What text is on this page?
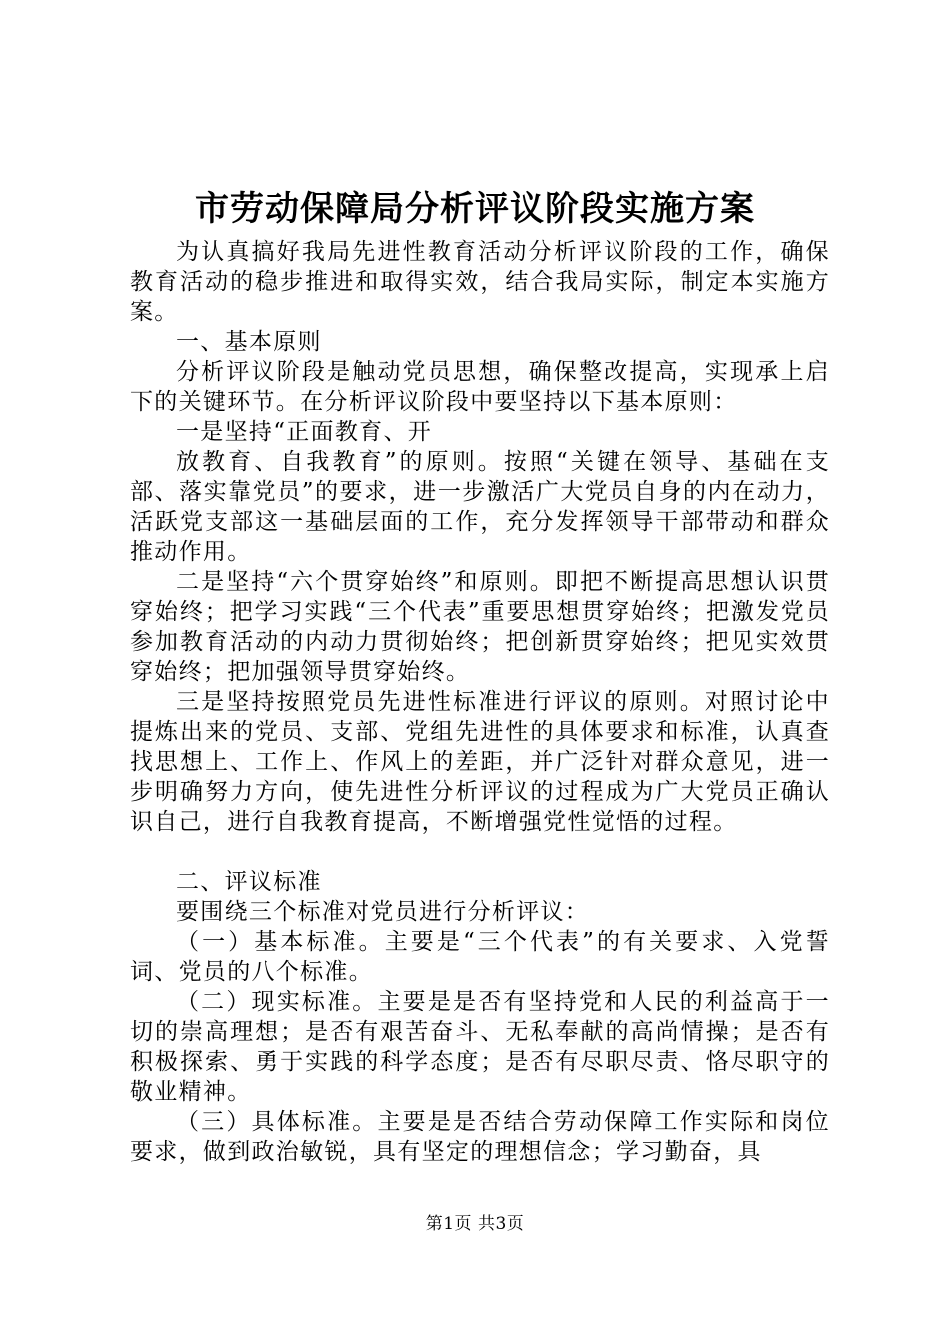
市劳动保障局分析评议阶段实施方案

为认真搞好我局先进性教育活动分析评议阶段的工作，确保教育活动的稳步推进和取得实效，结合我局实际，制定本实施方案。

一、基本原则

分析评议阶段是触动党员思想，确保整改提高，实现承上启下的关键环节。在分析评议阶段中要坚持以下基本原则：

一是坚持“正面教育、开

放教育、自我教育”的原则。按照“关键在领导、基础在支部、落实靠党员”的要求，进一步激活广大党员自身的内在动力，活跃党支部这一基础层面的工作，充分发挥领导干部带动和群众推动作用。

二是坚持“六个贯穿始终”和原则。即把不断提高思想认识贯穿始终；把学习实践“三个代表”重要思想贯穿始终；把激发党员参加教育活动的内动力贯彻始终；把创新贯穿始终；把见实效贯穿始终；把加强领导贯穿始终。

三是坚持按照党员先进性标准进行评议的原则。对照讨论中提炼出来的党员、支部、党组先进性的具体要求和标准，认真查找思想上、工作上、作风上的差距，并广泛针对群众意见，进一步明确努力方向，使先进性分析评议的过程成为广大党员正确认识自己，进行自我教育提高，不断增强党性觉悟的过程。

二、评议标准

要围绕三个标准对党员进行分析评议：

（一）基本标准。主要是“三个代表”的有关要求、入党誓词、党员的八个标准。

（二）现实标准。主要是是否有坚持党和人民的利益高于一切的崇高理想；是否有艰苦奋斗、无私奉献的高尚情操；是否有积极探索、勇于实践的科学态度；是否有尽职尽责、恪尽职守的敬业精神。

（三）具体标准。主要是是否结合劳动保障工作实际和岗位要求，做到政治敏锐，具有坚定的理想信念；学习勤奋，具

第1页 共3页
